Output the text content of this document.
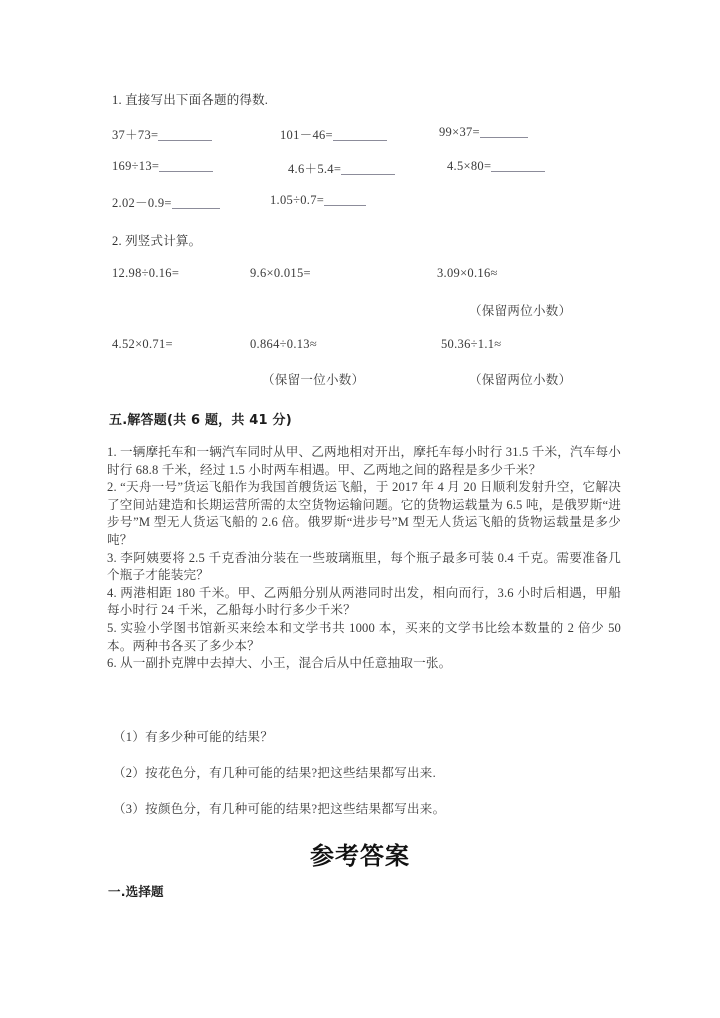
1. 直接写出下面各题的得数.
37＋73=	101－46=	99×37=
169÷13=	4.6＋5.4=	4.5×80=
2.02－0.9=	1.05÷0.7=
2. 列竖式计算。
12.98÷0.16=	9.6×0.015=	3.09×0.16≈
（保留两位小数）
4.52×0.71=	0.864÷0.13≈	50.36÷1.1≈
（保留一位小数）	（保留两位小数）
五.解答题(共 6 题，共 41 分)

1. 一辆摩托车和一辆汽车同时从甲、乙两地相对开出，摩托车每小时行 31.5 千米，汽车每小时行 68.8 千米，经过 1.5 小时两车相遇。甲、乙两地之间的路程是多少千米？

2. “天舟一号”货运飞船作为我国首艘货运飞船，于 2017 年 4 月 20 日顺利发射升空，它解决了空间站建造和长期运营所需的太空货物运输问题。它的货物运载量为 6.5 吨，是俄罗斯“进步号”M 型无人货运飞船的 2.6 倍。俄罗斯“进步号”M 型无人货运飞船的货物运载量是多少吨？

3. 李阿姨要将 2.5 千克香油分装在一些玻璃瓶里，每个瓶子最多可装 0.4 千克。需要准备几个瓶子才能装完？

4. 两港相距 180 千米。甲、乙两船分别从两港同时出发，相向而行，3.6 小时后相遇，甲船每小时行 24 千米，乙船每小时行多少千米？

5. 实验小学图书馆新买来绘本和文学书共 1000 本，买来的文学书比绘本数量的 2 倍少 50 本。两种书各买了多少本？

6. 从一副扑克牌中去掉大、小王，混合后从中任意抽取一张。

（1）有多少种可能的结果？
（2）按花色分，有几种可能的结果?把这些结果都写出来.
（3）按颜色分，有几种可能的结果?把这些结果都写出来。
参考答案
一.选择题
